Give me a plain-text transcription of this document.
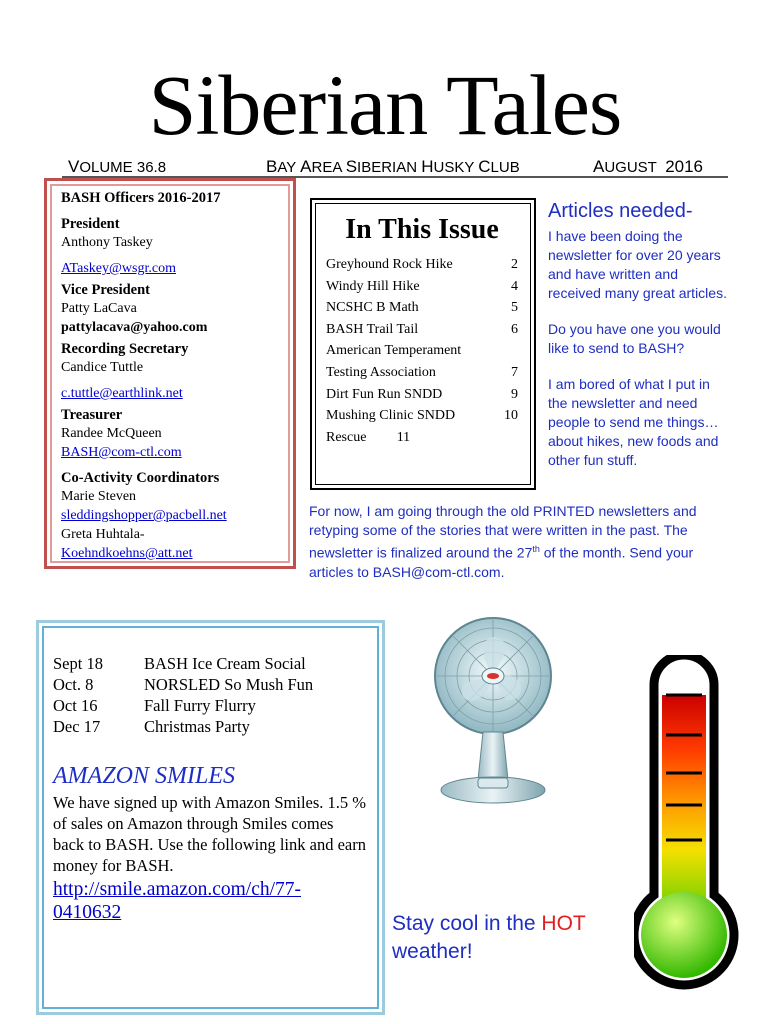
Siberian Tales
VOLUME 36.8	BAY AREA SIBERIAN HUSKY CLUB	AUGUST 2016
BASH Officers 2016-2017
President
Anthony Taskey
ATaskey@wsgr.com
Vice President
Patty LaCava
pattylacava@yahoo.com
Recording Secretary
Candice Tuttle
c.tuttle@earthlink.net
Treasurer
Randee McQueen
BASH@com-ctl.com
Co-Activity Coordinators
Marie Steven
sleddingshopper@pacbell.net
Greta Huhtala-
Koehndkoehns@att.net
In This Issue
Greyhound Rock Hike	2
Windy Hill Hike	4
NCSHC B Math	5
BASH Trail Tail	6
American Temperament
Testing Association	7
Dirt Fun Run SNDD	9
Mushing Clinic SNDD	10
Rescue	11
Articles needed-

I have been doing the newsletter for over 20 years and have written and received many great articles.

Do you have one you would like to send to BASH?

I am bored of what I put in the newsletter and need people to send me things…about hikes, new foods and other fun stuff.

For now, I am going through the old PRINTED newsletters and retyping some of the stories that were written in the past. The newsletter is finalized around the 27th of the month. Send your articles to BASH@com-ctl.com.
Sept 18	BASH Ice Cream Social
Oct. 8	NORSLED So Mush Fun
Oct 16	Fall Furry Flurry
Dec 17	Christmas Party
AMAZON SMILES
We have signed up with Amazon Smiles. 1.5 % of sales on Amazon through Smiles comes back to BASH. Use the following link and earn money for BASH.
http://smile.amazon.com/ch/77-0410632	Stay cool in the HOT
weather!
